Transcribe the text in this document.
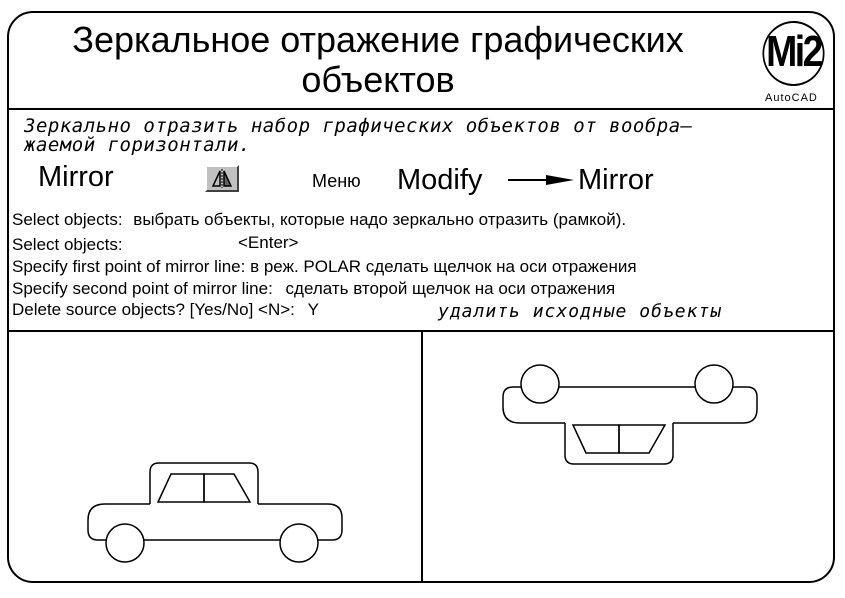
Зеркальное отражение графических
объектов
Mi2
AutoCAD
Зеркально отразить набор графических объектов от вообра–
жаемой горизонтали.
Mirror	Меню Modify	Mirror
Select objects: выбрать объекты, которые надо зеркально отразить (рамкой).
Select objects:	<Enter>
Specify first point of mirror line: в реж. POLAR сделать щелчок на оси отражения
Specify second point of mirror line: сделать второй щелчок на оси отражения
Delete source objects? [Yes/No] <N>: Y	удалить исходные объекты
